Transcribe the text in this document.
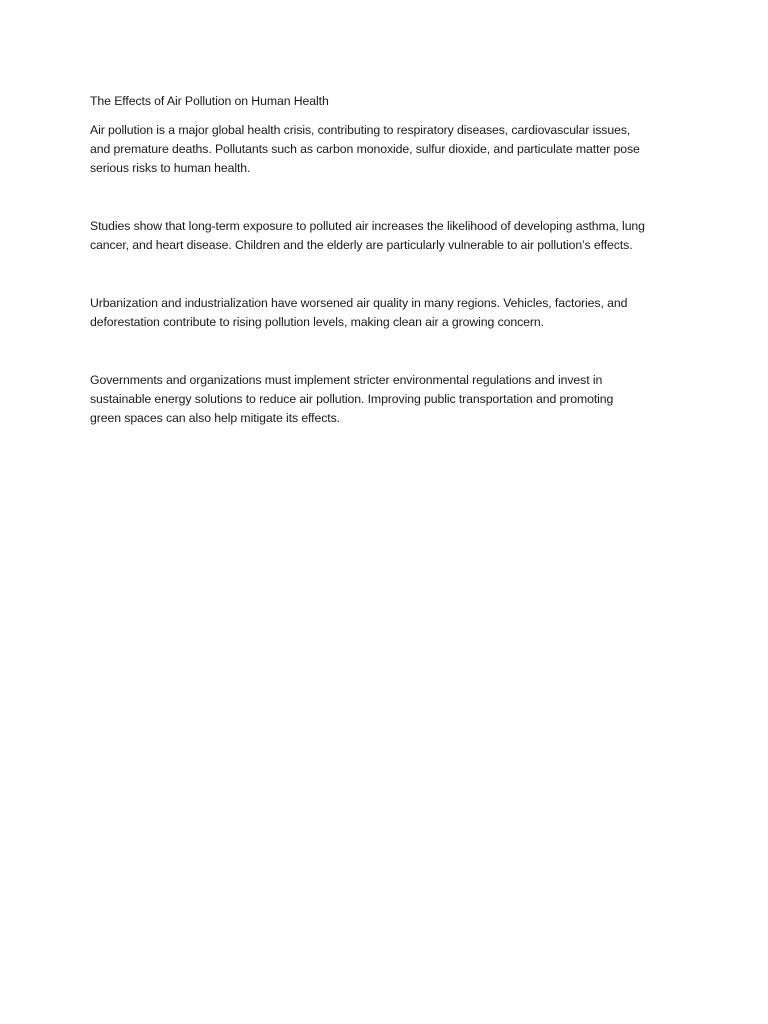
The Effects of Air Pollution on Human Health

Air pollution is a major global health crisis, contributing to respiratory diseases, cardiovascular issues,
and premature deaths. Pollutants such as carbon monoxide, sulfur dioxide, and particulate matter pose
serious risks to human health.

Studies show that long-term exposure to polluted air increases the likelihood of developing asthma, lung
cancer, and heart disease. Children and the elderly are particularly vulnerable to air pollution’s effects.

Urbanization and industrialization have worsened air quality in many regions. Vehicles, factories, and
deforestation contribute to rising pollution levels, making clean air a growing concern.

Governments and organizations must implement stricter environmental regulations and invest in
sustainable energy solutions to reduce air pollution. Improving public transportation and promoting
green spaces can also help mitigate its effects.
